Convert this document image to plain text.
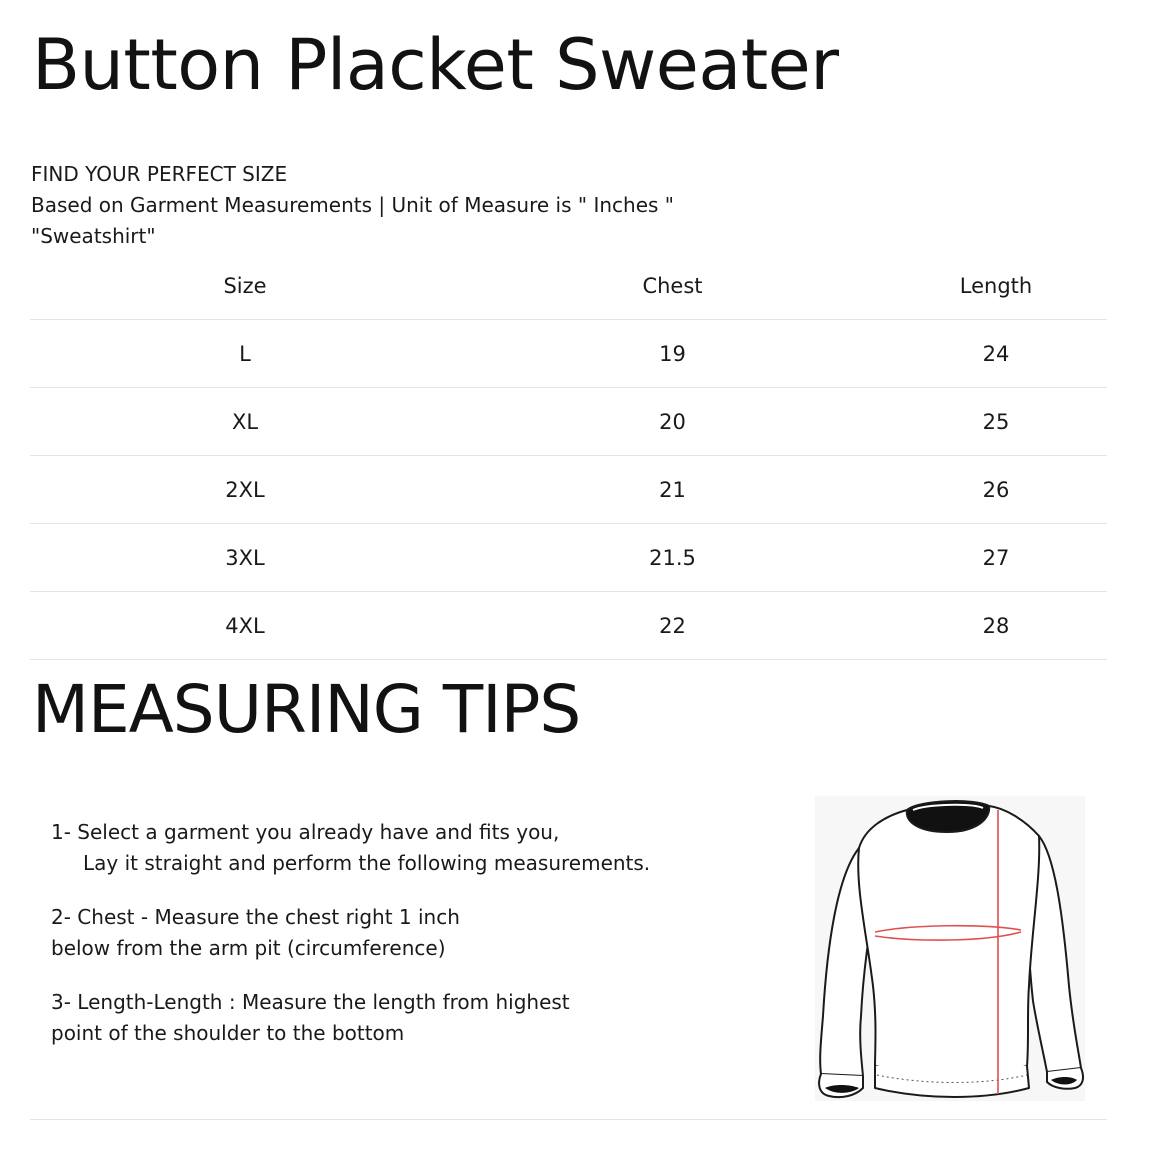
Button Placket Sweater
FIND YOUR PERFECT SIZE
Based on Garment Measurements | Unit of Measure is " Inches "
"Sweatshirt"
Size	Chest	Length
L	19	24
XL	20	25
2XL	21	26
3XL	21.5	27
4XL	22	28
MEASURING TIPS
1- Select a garment you already have and fits you,
Lay it straight and perform the following measurements.
2- Chest - Measure the chest right 1 inch
below from the arm pit (circumference)
3- Length-Length : Measure the length from highest
point of the shoulder to the bottom
